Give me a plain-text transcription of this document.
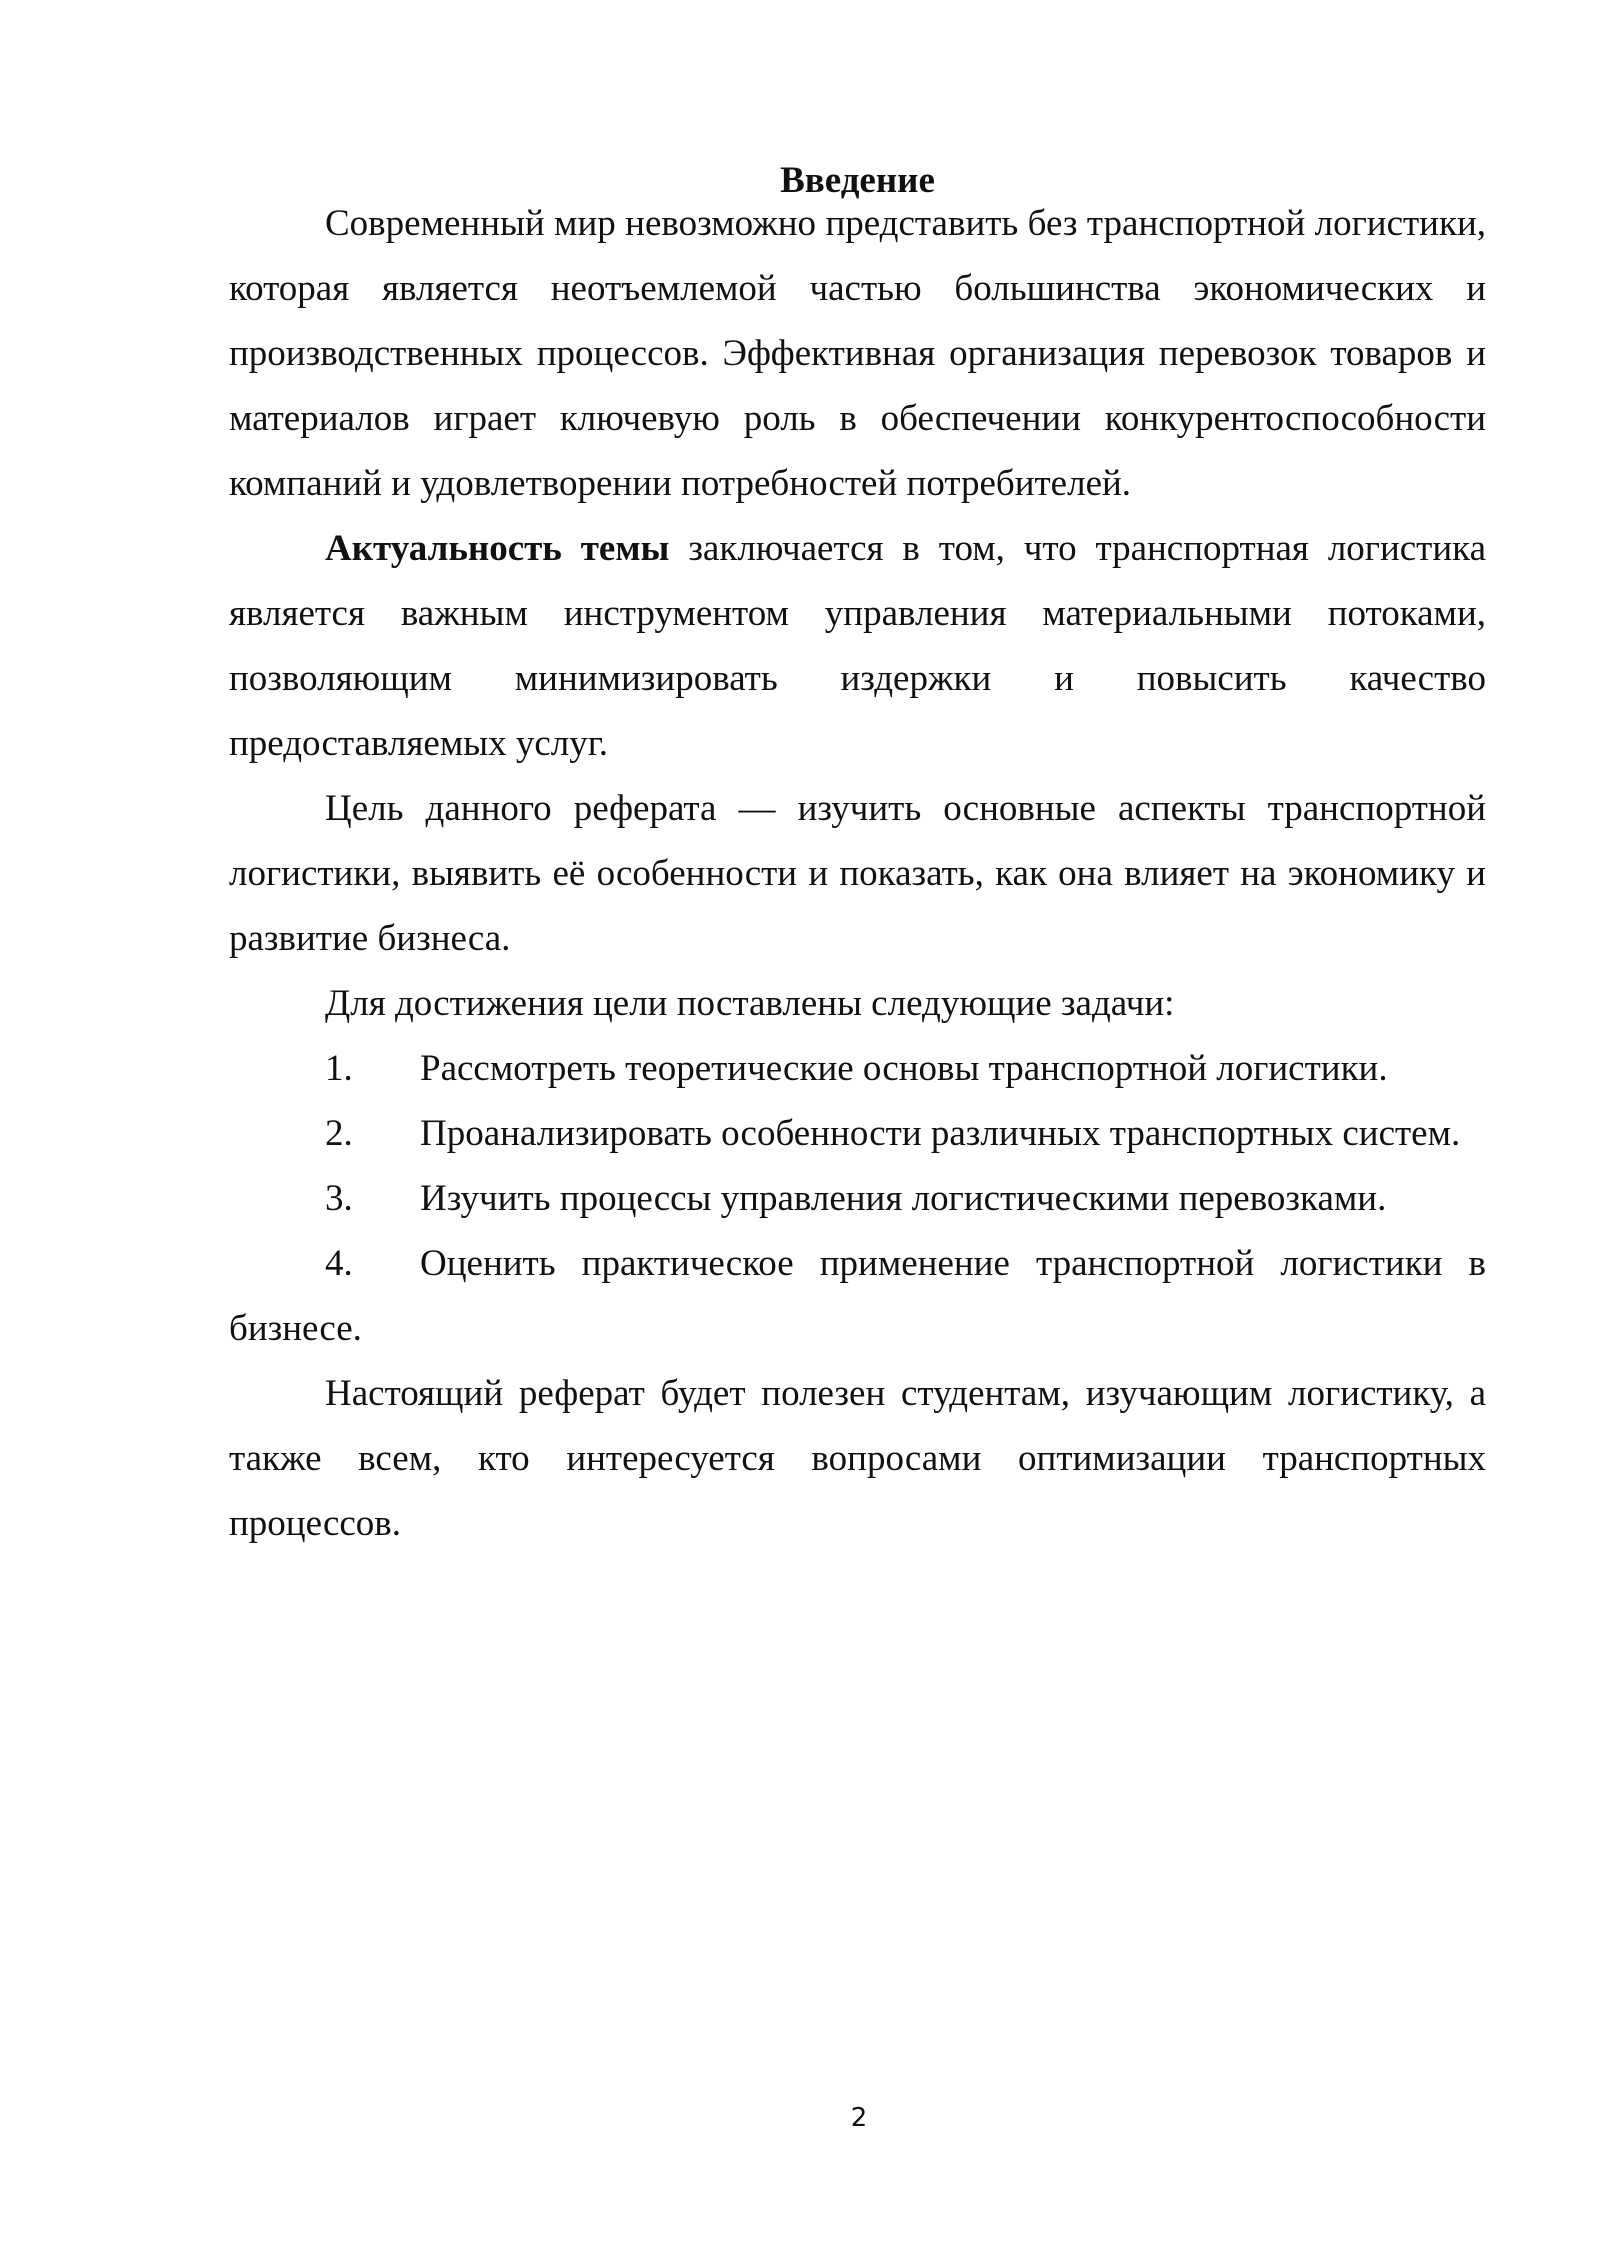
Введение

Современный мир невозможно представить без транспортной логистики, которая является неотъемлемой частью большинства экономических и производственных процессов. Эффективная организация перевозок товаров и материалов играет ключевую роль в обеспечении конкурентоспособности компаний и удовлетворении потребностей потребителей.

Актуальность темы заключается в том, что транспортная логистика является важным инструментом управления материальными потоками, позволяющим минимизировать издержки и повысить качество предоставляемых услуг.

Цель данного реферата — изучить основные аспекты транспортной логистики, выявить её особенности и показать, как она влияет на экономику и развитие бизнеса.

Для достижения цели поставлены следующие задачи:

1. Рассмотреть теоретические основы транспортной логистики.
2. Проанализировать особенности различных транспортных систем.
3. Изучить процессы управления логистическими перевозками.
4. Оценить практическое применение транспортной логистики в бизнесе.

Настоящий реферат будет полезен студентам, изучающим логистику, а также всем, кто интересуется вопросами оптимизации транспортных процессов.

2
